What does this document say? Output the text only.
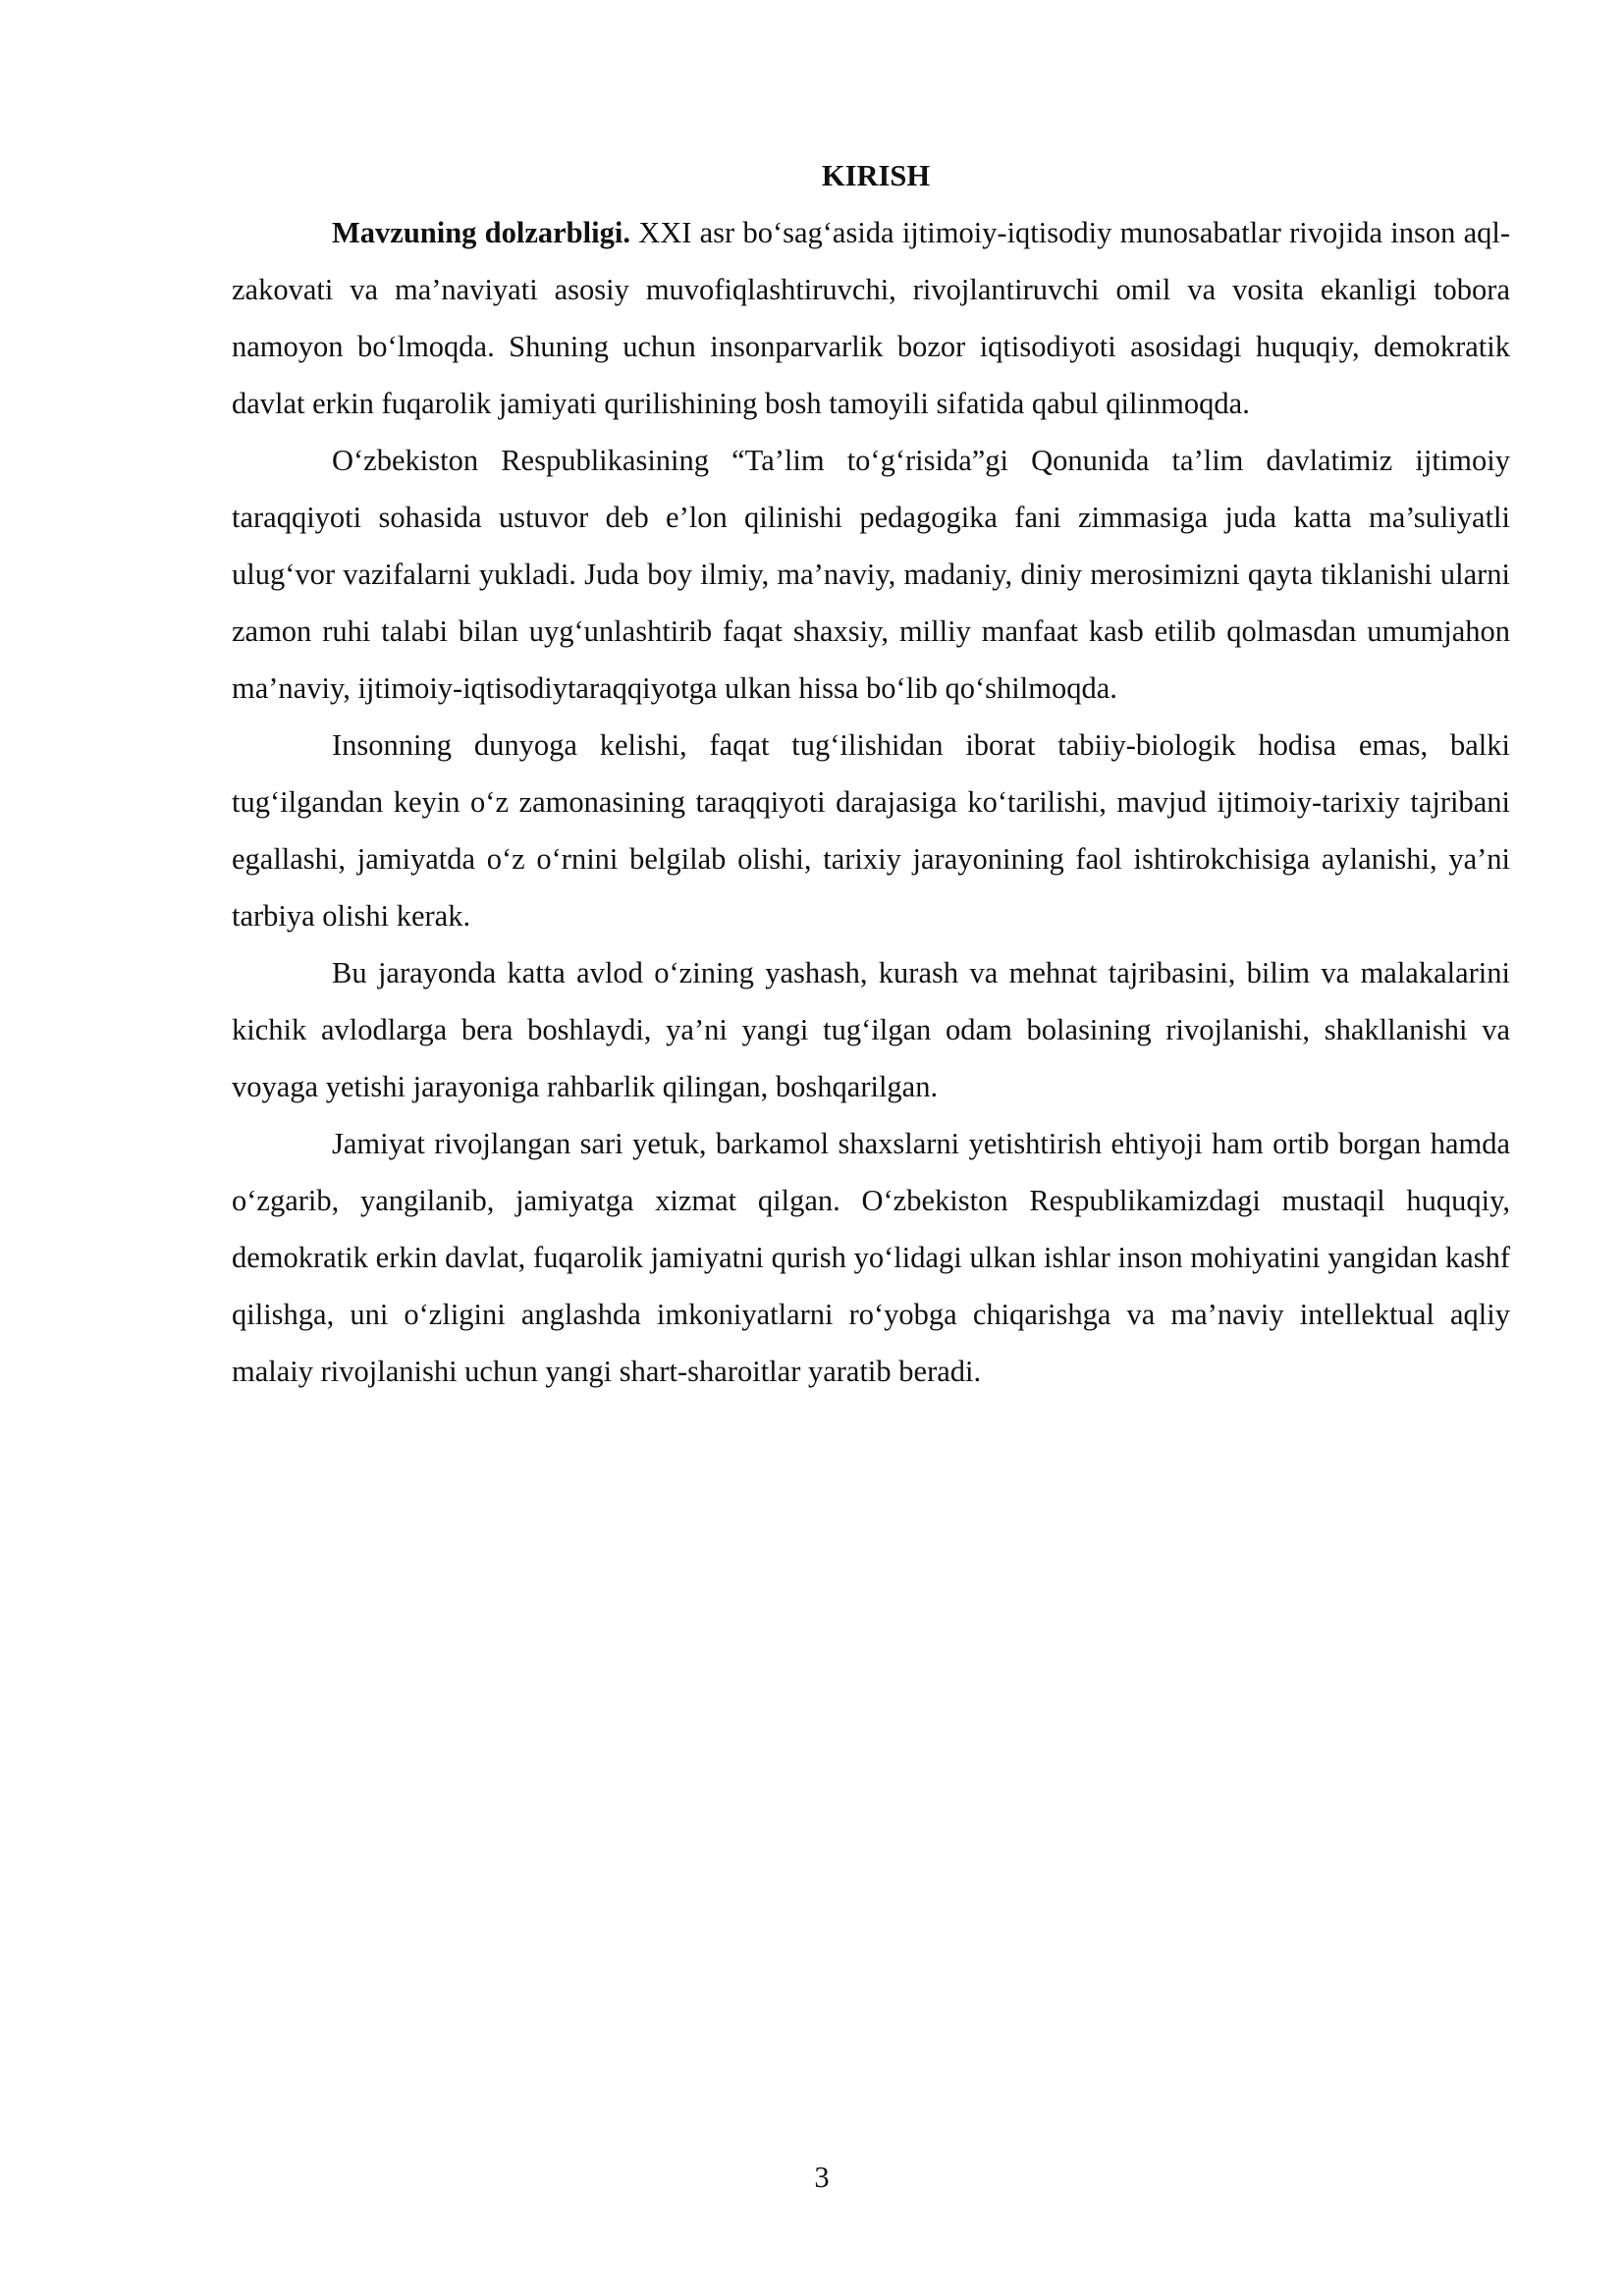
KIRISH

Mavzuning dolzarbligi. XXI asr bo‘sag‘asida ijtimoiy-iqtisodiy munosabatlar rivojida inson aql-zakovati va ma’naviyati asosiy muvofiqlashtiruvchi, rivojlantiruvchi omil va vosita ekanligi tobora namoyon bo‘lmoqda. Shuning uchun insonparvarlik bozor iqtisodiyoti asosidagi huquqiy, demokratik davlat erkin fuqarolik jamiyati qurilishining bosh tamoyili sifatida qabul qilinmoqda.

O‘zbekiston Respublikasining “Ta’lim to‘g‘risida”gi Qonunida ta’lim davlatimiz ijtimoiy taraqqiyoti sohasida ustuvor deb e’lon qilinishi pedagogika fani zimmasiga juda katta ma’suliyatli ulug‘vor vazifalarni yukladi. Juda boy ilmiy, ma’naviy, madaniy, diniy merosimizni qayta tiklanishi ularni zamon ruhi talabi bilan uyg‘unlashtirib faqat shaxsiy, milliy manfaat kasb etilib qolmasdan umumjahon ma’naviy, ijtimoiy-iqtisodiytaraqqiyotga ulkan hissa bo‘lib qo‘shilmoqda.

Insonning dunyoga kelishi, faqat tug‘ilishidan iborat tabiiy-biologik hodisa emas, balki tug‘ilgandan keyin o‘z zamonasining taraqqiyoti darajasiga ko‘tarilishi, mavjud ijtimoiy-tarixiy tajribani egallashi, jamiyatda o‘z o‘rnini belgilab olishi, tarixiy jarayonining faol ishtirokchisiga aylanishi, ya’ni tarbiya olishi kerak.

Bu jarayonda katta avlod o‘zining yashash, kurash va mehnat tajribasini, bilim va malakalarini kichik avlodlarga bera boshlaydi, ya’ni yangi tug‘ilgan odam bolasining rivojlanishi, shakllanishi va voyaga yetishi jarayoniga rahbarlik qilingan, boshqarilgan.

Jamiyat rivojlangan sari yetuk, barkamol shaxslarni yetishtirish ehtiyoji ham ortib borgan hamda o‘zgarib, yangilanib, jamiyatga xizmat qilgan. O‘zbekiston Respublikamizdagi mustaqil huquqiy, demokratik erkin davlat, fuqarolik jamiyatni qurish yo‘lidagi ulkan ishlar inson mohiyatini yangidan kashf qilishga, uni o‘zligini anglashda imkoniyatlarni ro‘yobga chiqarishga va ma’naviy intellektual aqliy malaiy rivojlanishi uchun yangi shart-sharoitlar yaratib beradi.

3
